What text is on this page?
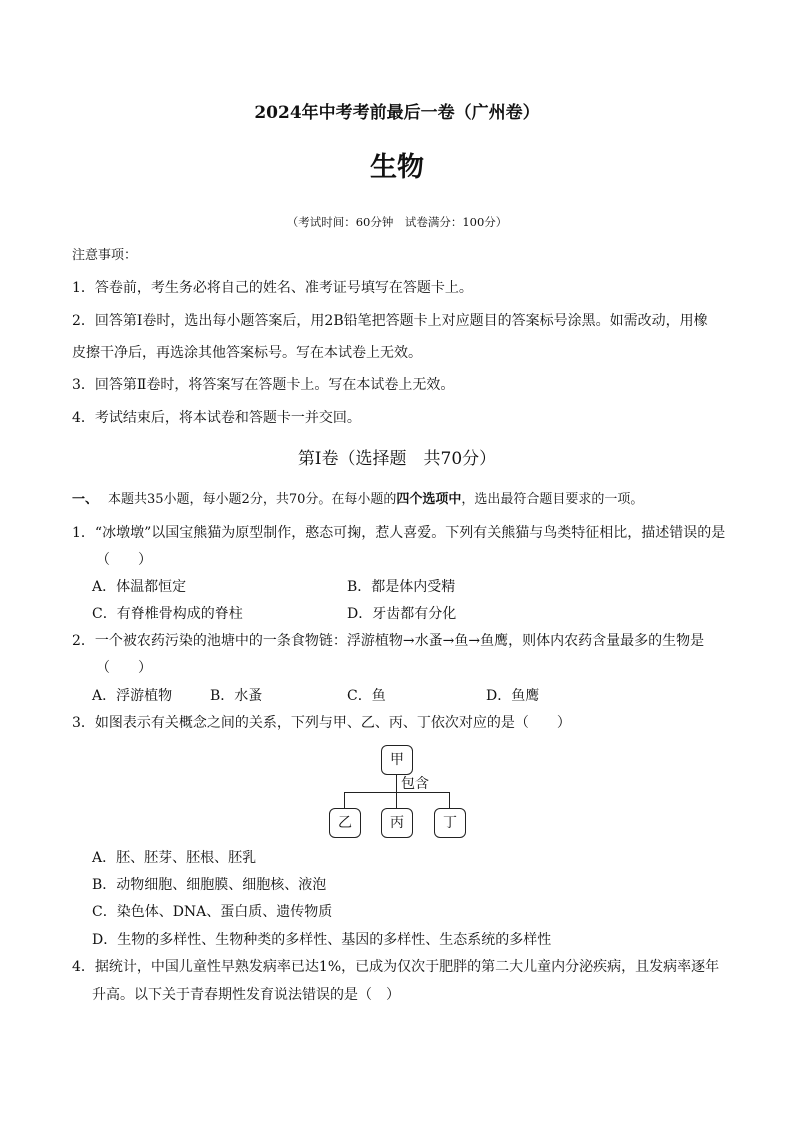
2024年中考考前最后一卷（广州卷）
生物
（考试时间：60分钟　试卷满分：100分）
注意事项：
1．答卷前，考生务必将自己的姓名、准考证号填写在答题卡上。
2．回答第Ⅰ卷时，选出每小题答案后，用2B铅笔把答题卡上对应题目的答案标号涂黑。如需改动，用橡
皮擦干净后，再选涂其他答案标号。写在本试卷上无效。
3．回答第Ⅱ卷时，将答案写在答题卡上。写在本试卷上无效。
4．考试结束后，将本试卷和答题卡一并交回。
第Ⅰ卷（选择题　共70分）
一、 本题共35小题，每小题2分，共70分。在每小题的四个选项中，选出最符合题目要求的一项。
1．“冰墩墩”以国宝熊猫为原型制作，憨态可掬，惹人喜爱。下列有关熊猫与鸟类特征相比，描述错误的是
（　　）
A．体温都恒定	B．都是体内受精
C．有脊椎骨构成的脊柱	D．牙齿都有分化
2．一个被农药污染的池塘中的一条食物链：浮游植物→水蚤→鱼→鱼鹰，则体内农药含量最多的生物是
（　　）
A．浮游植物	B．水蚤	C．鱼	D．鱼鹰
3．如图表示有关概念之间的关系，下列与甲、乙、丙、丁依次对应的是（　　）
甲
包含
乙	丙	丁
A．胚、胚芽、胚根、胚乳
B．动物细胞、细胞膜、细胞核、液泡
C．染色体、DNA、蛋白质、遗传物质
D．生物的多样性、生物种类的多样性、基因的多样性、生态系统的多样性
4．据统计，中国儿童性早熟发病率已达1%，已成为仅次于肥胖的第二大儿童内分泌疾病，且发病率逐年
升高。以下关于青春期性发育说法错误的是（　）
